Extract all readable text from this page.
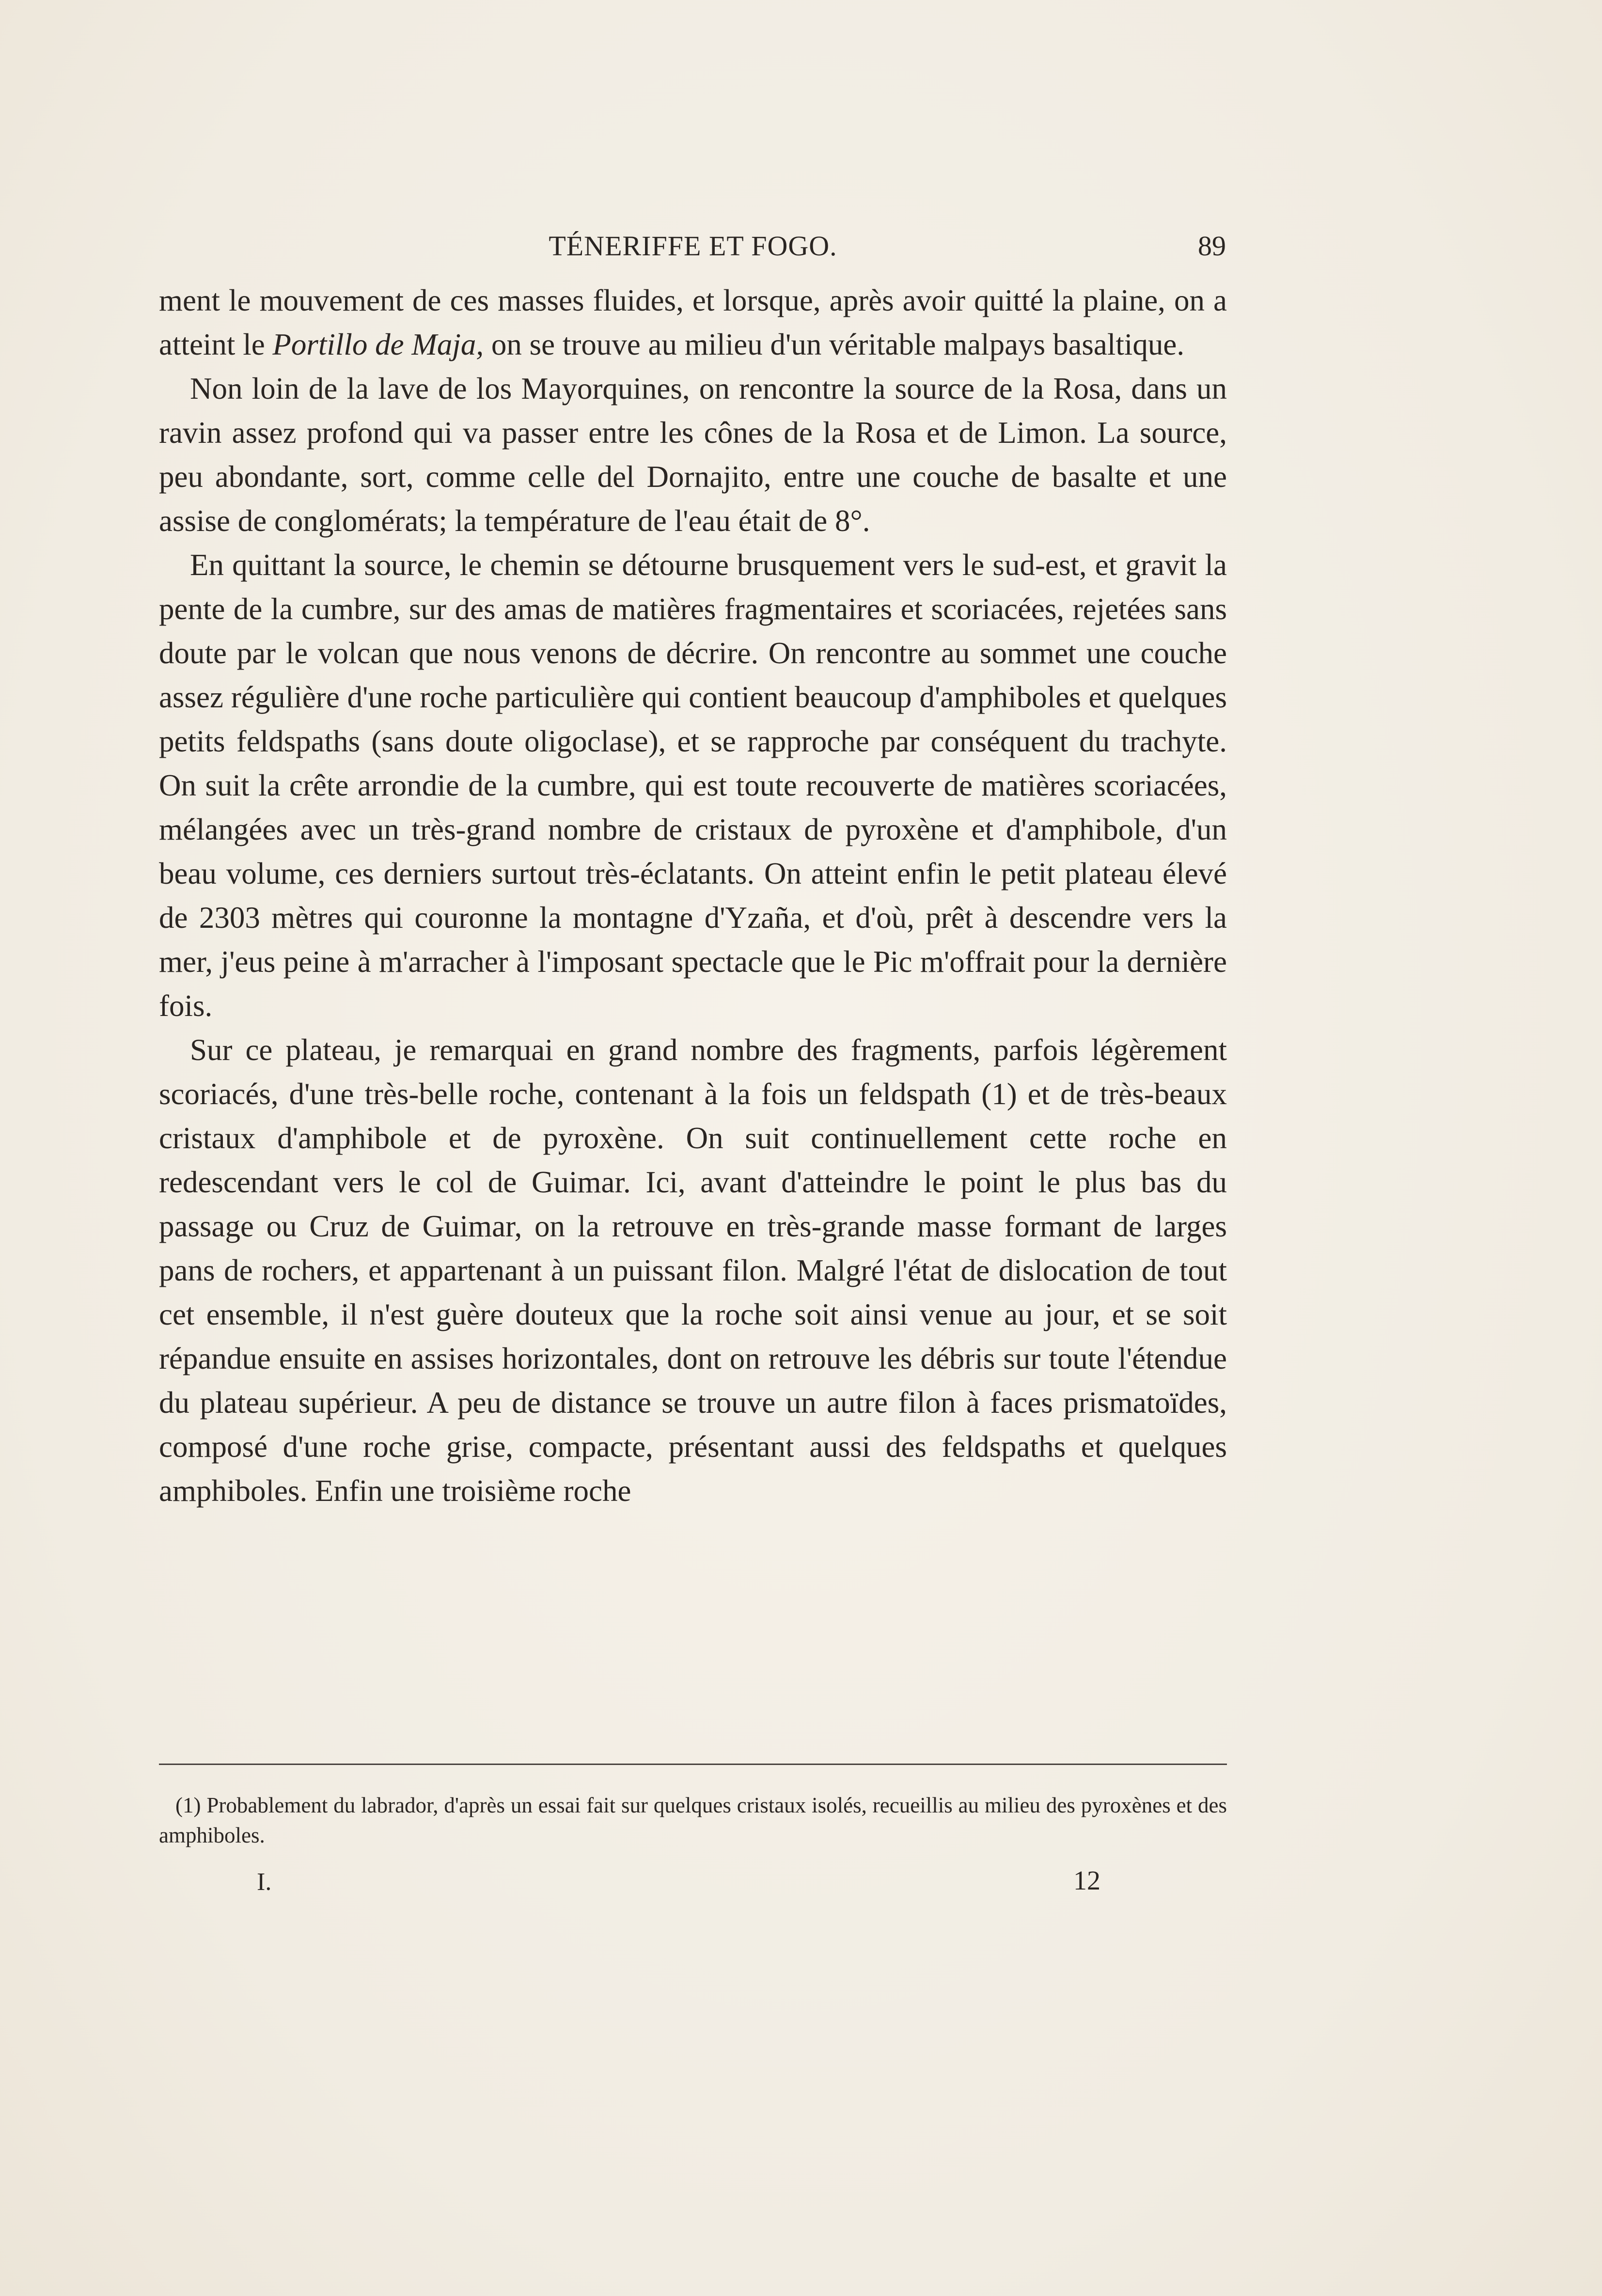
TÉNERIFFE ET FOGO.	89

ment le mouvement de ces masses fluides, et lorsque, après avoir quitté la plaine, on a atteint le Portillo de Maja, on se trouve au milieu d'un véritable malpays basaltique.

Non loin de la lave de los Mayorquines, on rencontre la source de la Rosa, dans un ravin assez profond qui va passer entre les cônes de la Rosa et de Limon. La source, peu abondante, sort, comme celle del Dornajito, entre une couche de basalte et une assise de conglomérats; la température de l'eau était de 8°.

En quittant la source, le chemin se détourne brusquement vers le sud-est, et gravit la pente de la cumbre, sur des amas de matières fragmentaires et scoriacées, rejetées sans doute par le volcan que nous venons de décrire. On rencontre au sommet une couche assez régulière d'une roche particulière qui contient beaucoup d'amphiboles et quelques petits feldspaths (sans doute oligoclase), et se rapproche par conséquent du trachyte. On suit la crête arrondie de la cumbre, qui est toute recouverte de matières scoriacées, mélangées avec un très-grand nombre de cristaux de pyroxène et d'amphibole, d'un beau volume, ces derniers surtout très-éclatants. On atteint enfin le petit plateau élevé de 2303 mètres qui couronne la montagne d'Yzaña, et d'où, prêt à descendre vers la mer, j'eus peine à m'arracher à l'imposant spectacle que le Pic m'offrait pour la dernière fois.

Sur ce plateau, je remarquai en grand nombre des fragments, parfois légèrement scoriacés, d'une très-belle roche, contenant à la fois un feldspath (1) et de très-beaux cristaux d'amphibole et de pyroxène. On suit continuellement cette roche en redescendant vers le col de Guimar. Ici, avant d'atteindre le point le plus bas du passage ou Cruz de Guimar, on la retrouve en très-grande masse formant de larges pans de rochers, et appartenant à un puissant filon. Malgré l'état de dislocation de tout cet ensemble, il n'est guère douteux que la roche soit ainsi venue au jour, et se soit répandue ensuite en assises horizontales, dont on retrouve les débris sur toute l'étendue du plateau supérieur. A peu de distance se trouve un autre filon à faces prismatoïdes, composé d'une roche grise, compacte, présentant aussi des feldspaths et quelques amphiboles. Enfin une troisième roche

(1) Probablement du labrador, d'après un essai fait sur quelques cristaux isolés, recueillis au milieu des pyroxènes et des amphiboles.
I.	12
